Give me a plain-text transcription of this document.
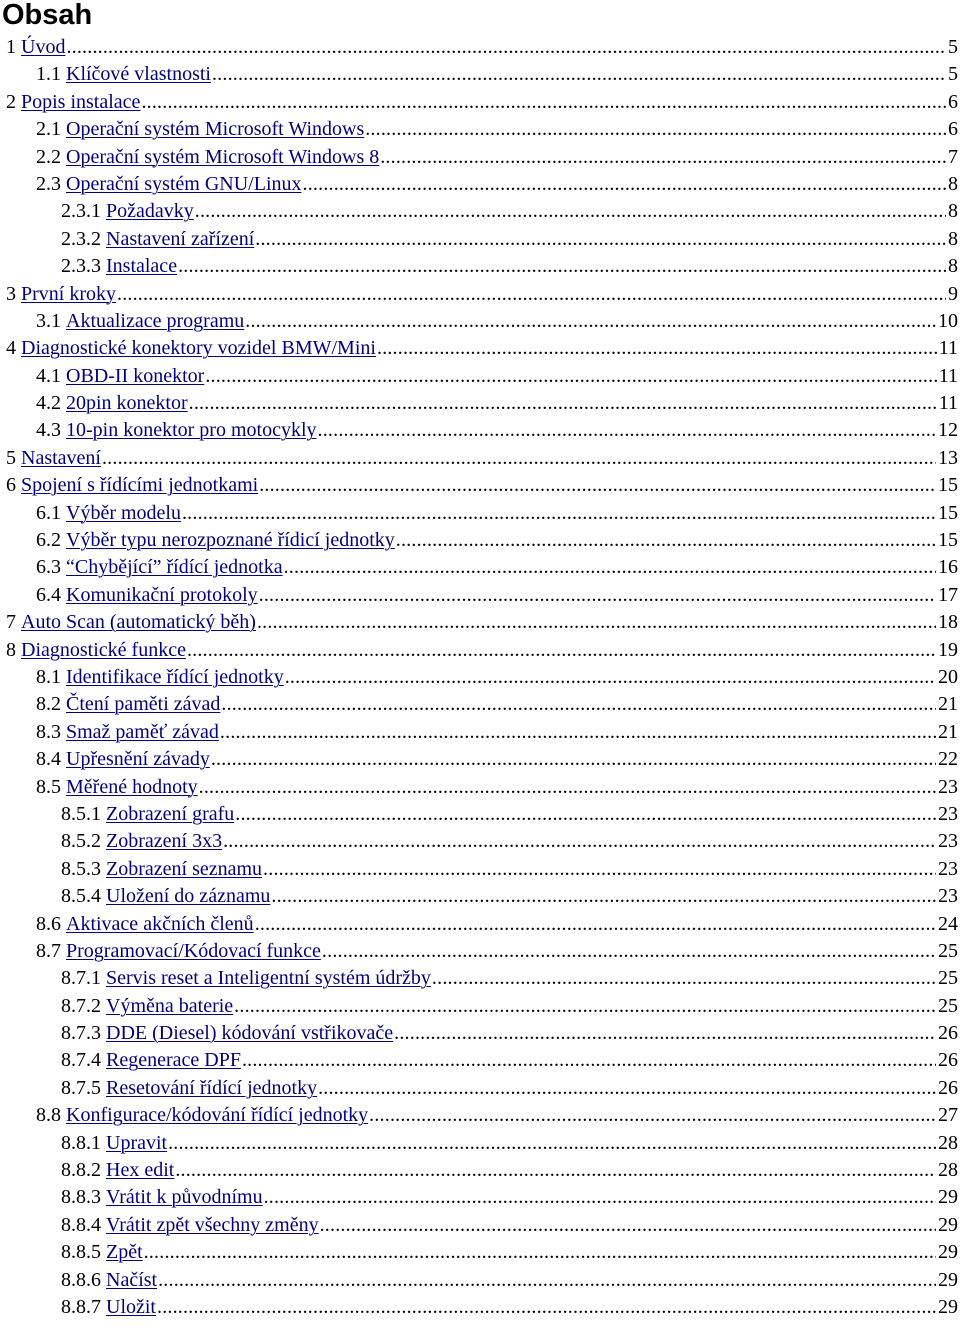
Obsah
1 Úvod . . .	5
1.1 Klíčové vlastnosti . . .	5
2 Popis instalace . . .	6
2.1 Operační systém Microsoft Windows . . .	6
2.2 Operační systém Microsoft Windows 8 . . .	7
2.3 Operační systém GNU/Linux . . .	8
2.3.1 Požadavky . . .	8
2.3.2 Nastavení zařízení . . .	8
2.3.3 Instalace . . .	8
3 První kroky . . .	9
3.1 Aktualizace programu . . .	10
4 Diagnostické konektory vozidel BMW/Mini . . .	11
4.1 OBD-II konektor . . .	11
4.2 20pin konektor . . .	11
4.3 10-pin konektor pro motocykly . . .	12
5 Nastavení . . .	13
6 Spojení s řídícími jednotkami . . .	15
6.1 Výběr modelu . . .	15
6.2 Výběr typu nerozpoznané řídicí jednotky . . .	15
6.3 “Chybějící” řídící jednotka . . .	16
6.4 Komunikační protokoly . . .	17
7 Auto Scan (automatický běh) . . .	18
8 Diagnostické funkce . . .	19
8.1 Identifikace řídící jednotky . . .	20
8.2 Čtení paměti závad . . .	21
8.3 Smaž paměť závad . . .	21
8.4 Upřesnění závady . . .	22
8.5 Měřené hodnoty . . .	23
8.5.1 Zobrazení grafu . . .	23
8.5.2 Zobrazení 3x3 . . .	23
8.5.3 Zobrazení seznamu . . .	23
8.5.4 Uložení do záznamu . . .	23
8.6 Aktivace akčních členů . . .	24
8.7 Programovací/Kódovací funkce . . .	25
8.7.1 Servis reset a Inteligentní systém údržby . . .	25
8.7.2 Výměna baterie . . .	25
8.7.3 DDE (Diesel) kódování vstřikovače . . .	26
8.7.4 Regenerace DPF . . .	26
8.7.5 Resetování řídící jednotky . . .	26
8.8 Konfigurace/kódování řídící jednotky . . .	27
8.8.1 Upravit . . .	28
8.8.2 Hex edit . . .	28
8.8.3 Vrátit k původnímu . . .	29
8.8.4 Vrátit zpět všechny změny . . .	29
8.8.5 Zpět . . .	29
8.8.6 Načíst . . .	29
8.8.7 Uložit . . .	29
